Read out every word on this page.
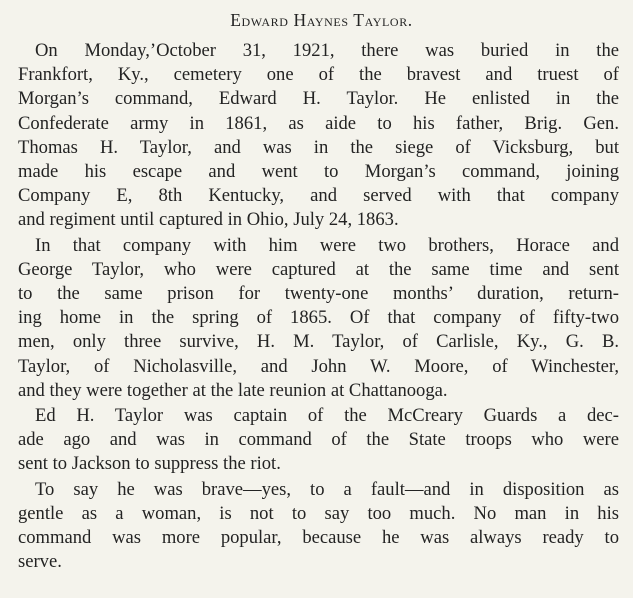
Edward Haynes Taylor.

On Monday,’October 31, 1921, there was buried in the
Frankfort, Ky., cemetery one of the bravest and truest of
Morgan’s command, Edward H. Taylor. He enlisted in the
Confederate army in 1861, as aide to his father, Brig. Gen.
Thomas H. Taylor, and was in the siege of Vicksburg, but
made his escape and went to Morgan’s command, joining
Company E, 8th Kentucky, and served with that company
and regiment until captured in Ohio, July 24, 1863.

In that company with him were two brothers, Horace and
George Taylor, who were captured at the same time and sent
to the same prison for twenty-one months’ duration, return-
ing home in the spring of 1865. Of that company of fifty-two
men, only three survive, H. M. Taylor, of Carlisle, Ky., G. B.
Taylor, of Nicholasville, and John W. Moore, of Winchester,
and they were together at the late reunion at Chattanooga.

Ed H. Taylor was captain of the McCreary Guards a dec-
ade ago and was in command of the State troops who were
sent to Jackson to suppress the riot.

To say he was brave—yes, to a fault—and in disposition as
gentle as a woman, is not to say too much. No man in his
command was more popular, because he was always ready to
serve.
